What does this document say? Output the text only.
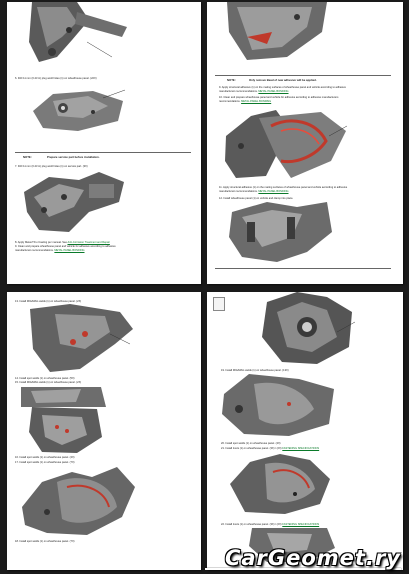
6. Drill 11 mm (0.43 in) plug weld holes (1) on wheelhouse panel. (22X)
NOTE:	Prepare service part before installation.
7. Drill 11 mm (0.43 in) plug weld holes (1) on service part. (3X)
8. Apply Metal-Thru Coating per manual. See Anti-Corrosion Treatment and Repair
9. Clean and prepare wheelhouse panel and vehicle for adhesive according to adhesive
manufacturers recommendations. METAL PANEL BONDING
NOTE:	Only remove Bead of new adhesive will be applied.
9. Apply structural adhesive (1) on the mating surfaces of wheelhouse panel and vehicle according to adhesive
manufacturers recommendations. METAL PANEL BONDING
10. Clean and prepare wheelhouse panel and vehicle for adhesive according to adhesive manufacturers
recommendations. METAL PANEL BONDING
11. Apply structural adhesive (1) on the mating surfaces of wheelhouse panel and vehicle according to adhesive
manufacturers recommendations. METAL PANEL BONDING
12. Install wheelhouse panel (1) on vehicle and clamp into place.
13. Install MIG/MAG welds (1) on wheelhouse panel. (2X)
14. Install spot welds (1) on wheelhouse panel. (5X)
15. Install MIG/MAG welds (1) on wheelhouse panel. (2X)
16. Install spot welds (1) on wheelhouse panel. (4X)
17. Install spot welds (1) on wheelhouse panel. (7X)
18. Install spot welds (1) on wheelhouse panel. (7X)
19. Install MIG/MAG welds (1) on wheelhouse panel. (13X)
20. Install spot welds (1) on wheelhouse panel. (4X)
21. Install rivets (1) on wheelhouse panel. (3X) / (2X) FASTENING SPECIFICATIONS
22. Install rivets (1) on wheelhouse panel. (3X) / (2X) FASTENING SPECIFICATIONS
CarGeomet.ry
